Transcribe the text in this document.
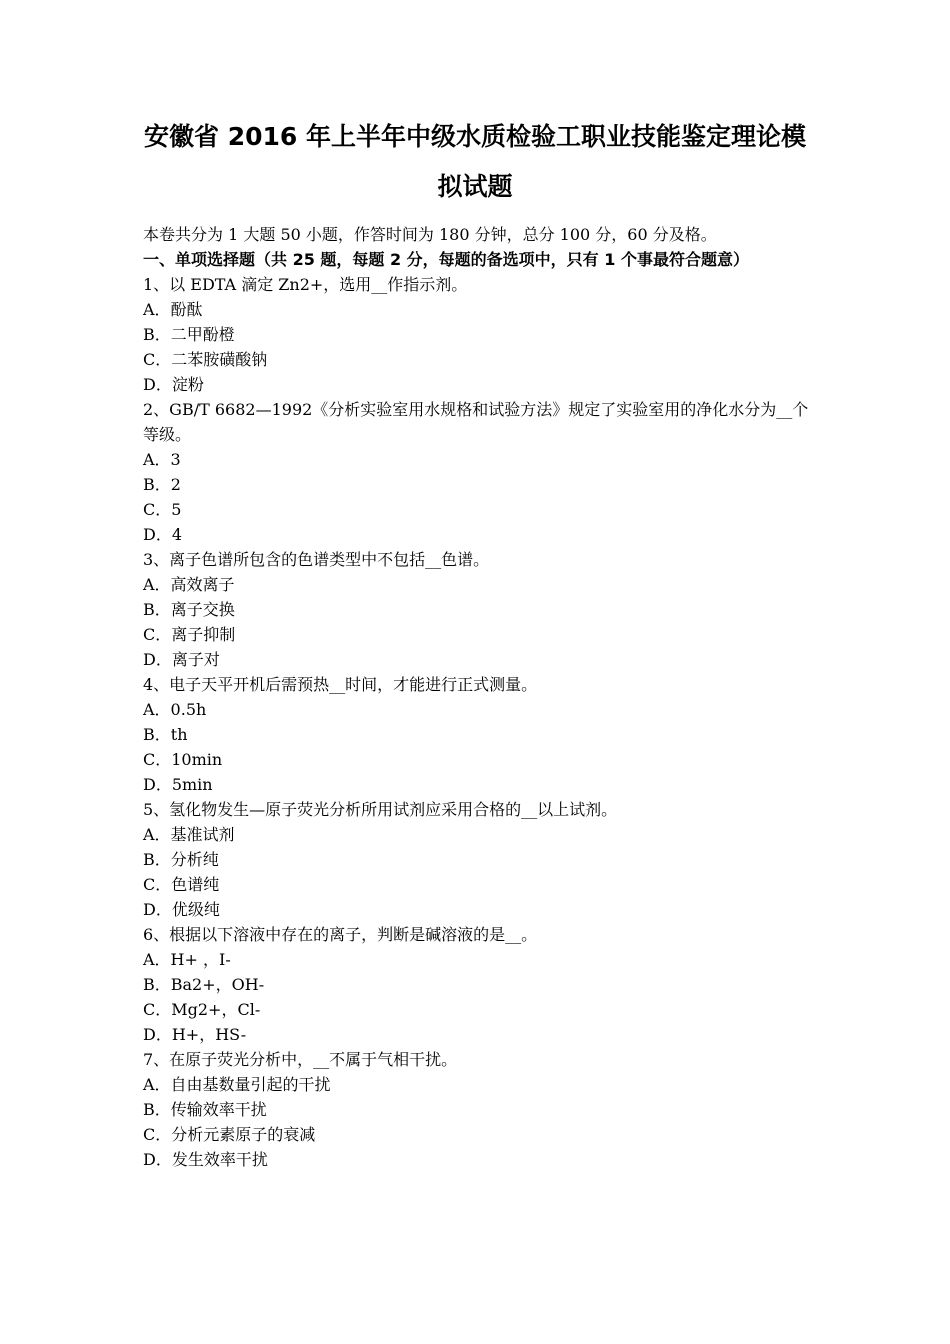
安徽省 2016 年上半年中级水质检验工职业技能鉴定理论模
拟试题

本卷共分为 1 大题 50 小题，作答时间为 180 分钟，总分 100 分，60 分及格。

一、单项选择题（共 25 题，每题 2 分，每题的备选项中，只有 1 个事最符合题意）

1、以 EDTA 滴定 Zn2+，选用__作指示剂。

A．酚酞

B．二甲酚橙

C．二苯胺磺酸钠

D．淀粉

2、GB/T 6682—1992《分析实验室用水规格和试验方法》规定了实验室用的净化水分为__个等级。

A．3

B．2

C．5

D．4

3、离子色谱所包含的色谱类型中不包括__色谱。

A．高效离子

B．离子交换

C．离子抑制

D．离子对

4、电子天平开机后需预热__时间，才能进行正式测量。

A．0.5h

B．th

C．10min

D．5min

5、氢化物发生—原子荧光分析所用试剂应采用合格的__以上试剂。

A．基准试剂

B．分析纯

C．色谱纯

D．优级纯

6、根据以下溶液中存在的离子，判断是碱溶液的是__。

A．H+ ，I-

B．Ba2+，OH-

C．Mg2+，Cl-

D．H+，HS-

7、在原子荧光分析中，__不属于气相干扰。

A．自由基数量引起的干扰

B．传输效率干扰

C．分析元素原子的衰减

D．发生效率干扰
